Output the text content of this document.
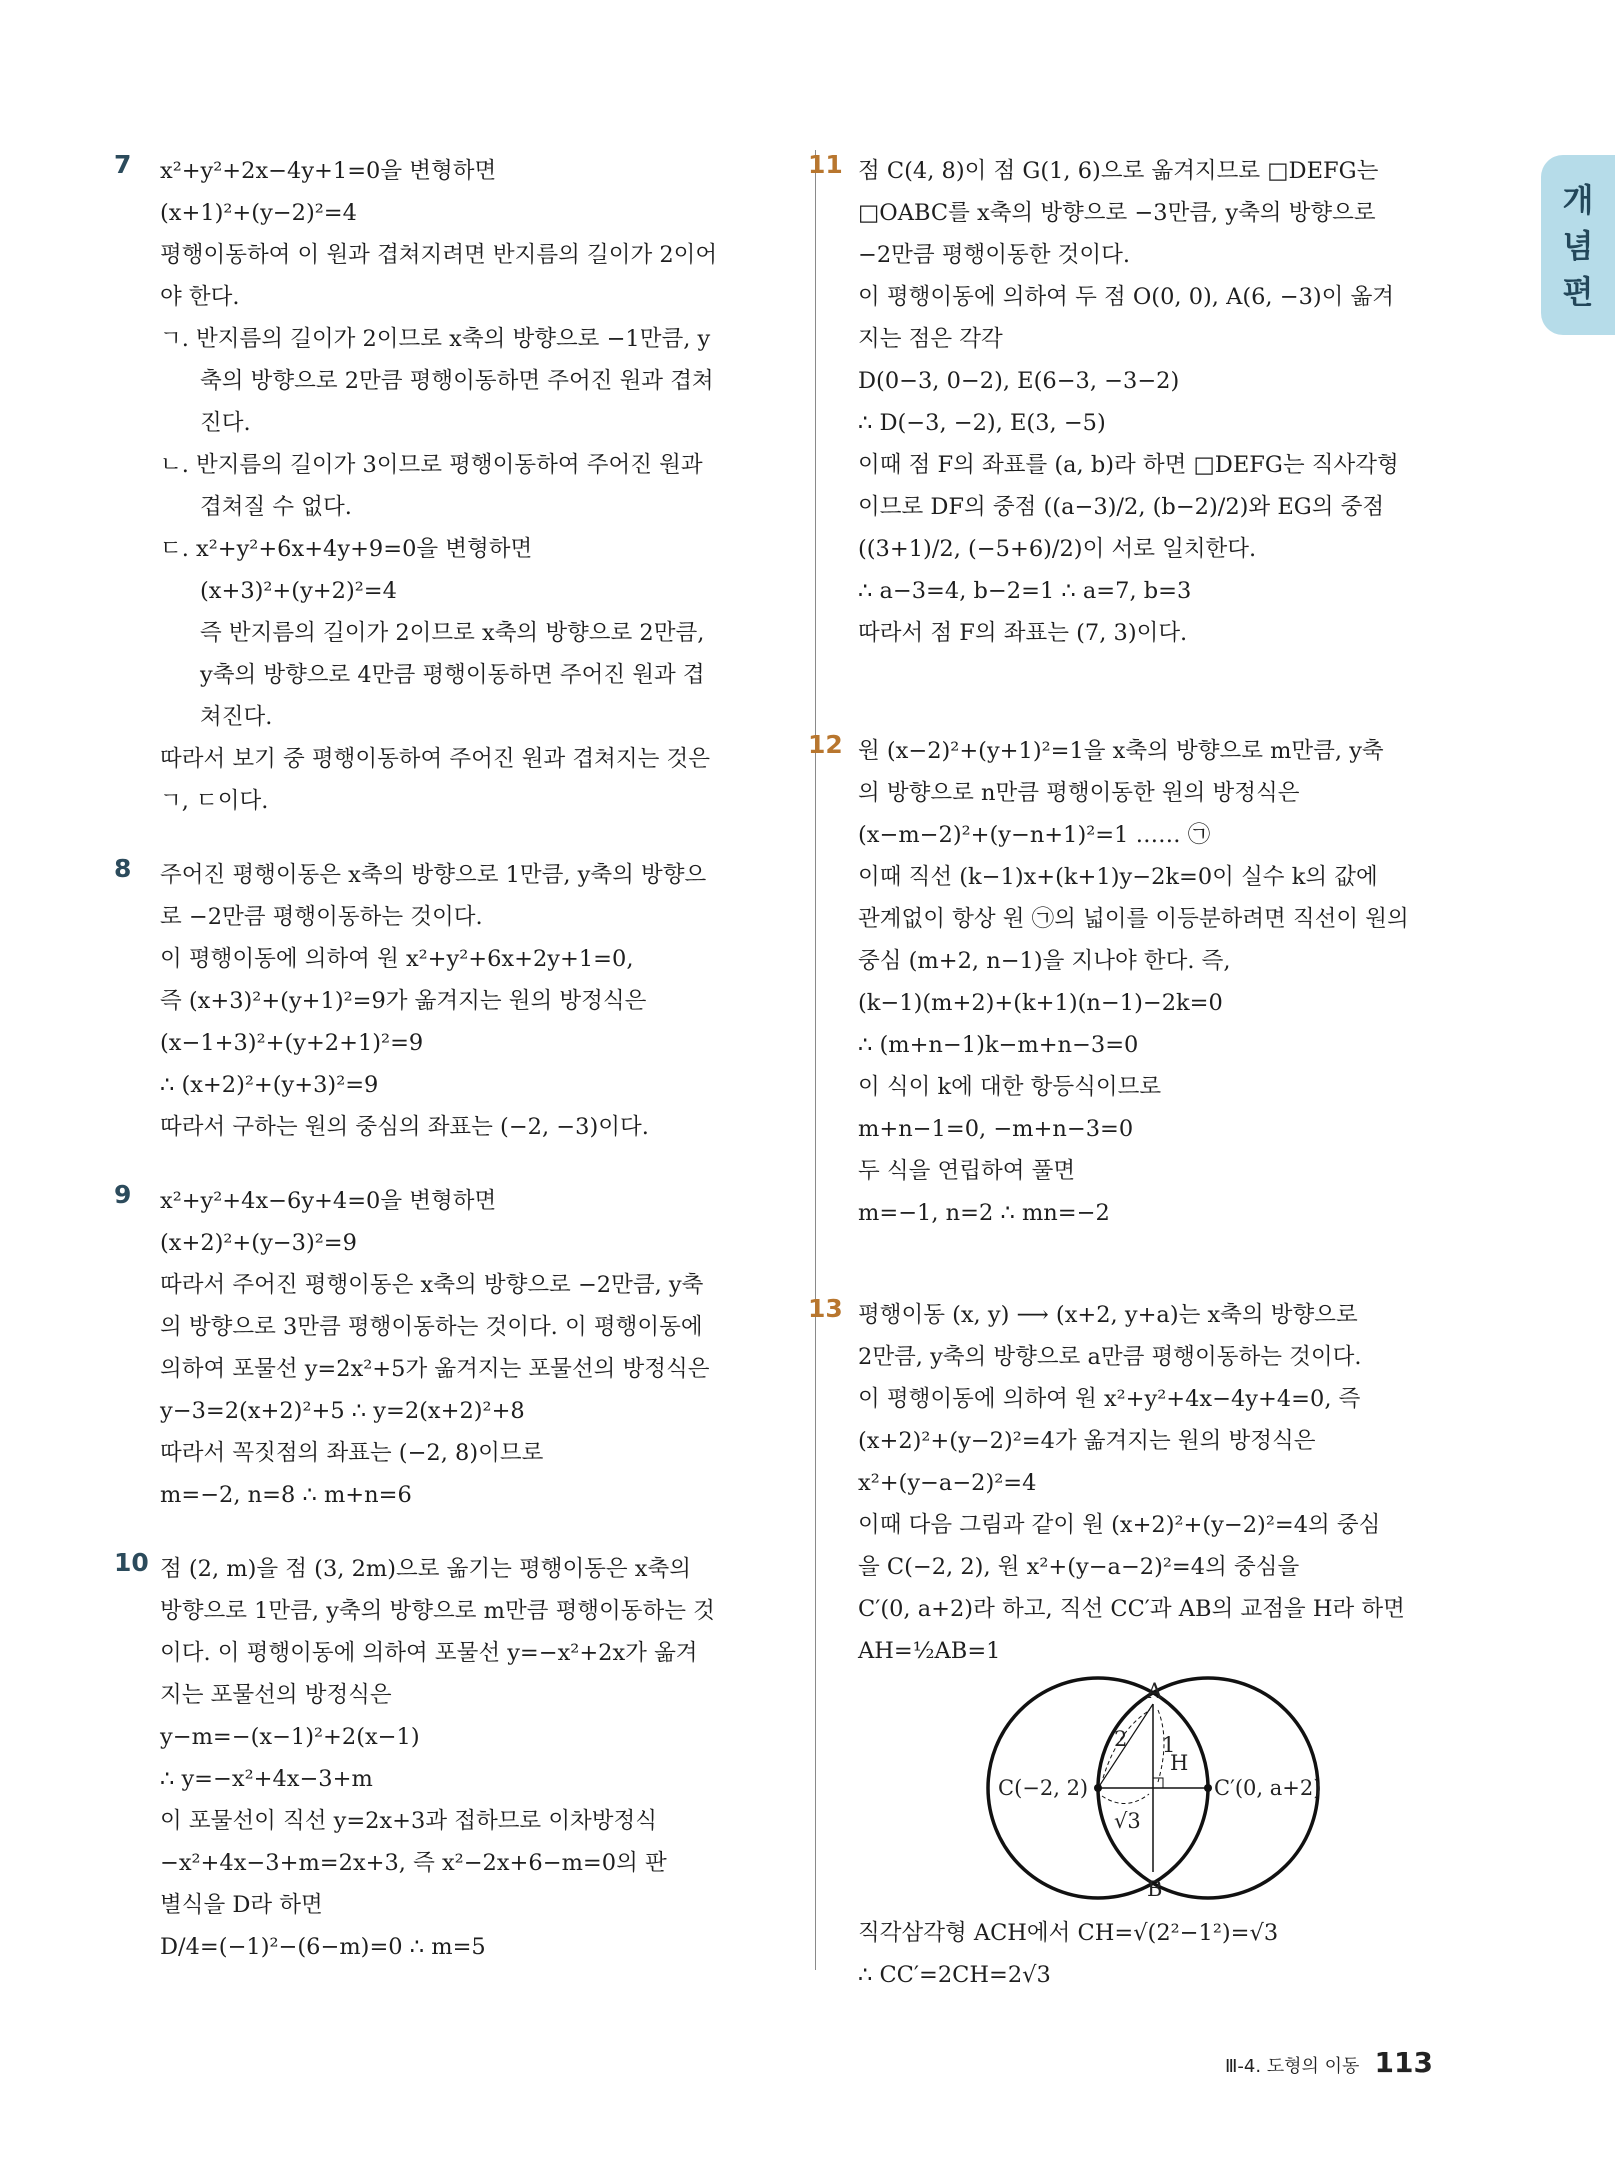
개
념
편
7 x²+y²+2x−4y+1=0을 변형하면
(x+1)²+(y−2)²=4
평행이동하여 이 원과 겹쳐지려면 반지름의 길이가 2이어
야 한다.
ㄱ. 반지름의 길이가 2이므로 x축의 방향으로 −1만큼, y
축의 방향으로 2만큼 평행이동하면 주어진 원과 겹쳐
진다.
ㄴ. 반지름의 길이가 3이므로 평행이동하여 주어진 원과
겹쳐질 수 없다.
ㄷ. x²+y²+6x+4y+9=0을 변형하면
(x+3)²+(y+2)²=4
즉 반지름의 길이가 2이므로 x축의 방향으로 2만큼,
y축의 방향으로 4만큼 평행이동하면 주어진 원과 겹
쳐진다.
따라서 보기 중 평행이동하여 주어진 원과 겹쳐지는 것은
ㄱ, ㄷ이다.
8 주어진 평행이동은 x축의 방향으로 1만큼, y축의 방향으
로 −2만큼 평행이동하는 것이다.
이 평행이동에 의하여 원 x²+y²+6x+2y+1=0,
즉 (x+3)²+(y+1)²=9가 옮겨지는 원의 방정식은
(x−1+3)²+(y+2+1)²=9
∴ (x+2)²+(y+3)²=9
따라서 구하는 원의 중심의 좌표는 (−2, −3)이다.
9 x²+y²+4x−6y+4=0을 변형하면
(x+2)²+(y−3)²=9
따라서 주어진 평행이동은 x축의 방향으로 −2만큼, y축
의 방향으로 3만큼 평행이동하는 것이다. 이 평행이동에
의하여 포물선 y=2x²+5가 옮겨지는 포물선의 방정식은
y−3=2(x+2)²+5 ∴ y=2(x+2)²+8
따라서 꼭짓점의 좌표는 (−2, 8)이므로
m=−2, n=8 ∴ m+n=6
10 점 (2, m)을 점 (3, 2m)으로 옮기는 평행이동은 x축의
방향으로 1만큼, y축의 방향으로 m만큼 평행이동하는 것
이다. 이 평행이동에 의하여 포물선 y=−x²+2x가 옮겨
지는 포물선의 방정식은
y−m=−(x−1)²+2(x−1)
∴ y=−x²+4x−3+m
이 포물선이 직선 y=2x+3과 접하므로 이차방정식
−x²+4x−3+m=2x+3, 즉 x²−2x+6−m=0의 판
별식을 D라 하면
D/4=(−1)²−(6−m)=0 ∴ m=5
11 점 C(4, 8)이 점 G(1, 6)으로 옮겨지므로 □DEFG는
□OABC를 x축의 방향으로 −3만큼, y축의 방향으로
−2만큼 평행이동한 것이다.
이 평행이동에 의하여 두 점 O(0, 0), A(6, −3)이 옮겨
지는 점은 각각
D(0−3, 0−2), E(6−3, −3−2)
∴ D(−3, −2), E(3, −5)
이때 점 F의 좌표를 (a, b)라 하면 □DEFG는 직사각형
이므로 DF의 중점 ((a−3)/2, (b−2)/2)와 EG의 중점
((3+1)/2, (−5+6)/2)이 서로 일치한다.
∴ a−3=4, b−2=1 ∴ a=7, b=3
따라서 점 F의 좌표는 (7, 3)이다.
12 원 (x−2)²+(y+1)²=1을 x축의 방향으로 m만큼, y축
의 방향으로 n만큼 평행이동한 원의 방정식은
(x−m−2)²+(y−n+1)²=1 …… ㉠
이때 직선 (k−1)x+(k+1)y−2k=0이 실수 k의 값에
관계없이 항상 원 ㉠의 넓이를 이등분하려면 직선이 원의
중심 (m+2, n−1)을 지나야 한다. 즉,
(k−1)(m+2)+(k+1)(n−1)−2k=0
∴ (m+n−1)k−m+n−3=0
이 식이 k에 대한 항등식이므로
m+n−1=0, −m+n−3=0
두 식을 연립하여 풀면
m=−1, n=2 ∴ mn=−2
13 평행이동 (x, y) ⟶ (x+2, y+a)는 x축의 방향으로
2만큼, y축의 방향으로 a만큼 평행이동하는 것이다.
이 평행이동에 의하여 원 x²+y²+4x−4y+4=0, 즉
(x+2)²+(y−2)²=4가 옮겨지는 원의 방정식은
x²+(y−a−2)²=4
이때 다음 그림과 같이 원 (x+2)²+(y−2)²=4의 중심
을 C(−2, 2), 원 x²+(y−a−2)²=4의 중심을
C′(0, a+2)라 하고, 직선 CC′과 AB의 교점을 H라 하면
AH=½AB=1
A
B
H
C(−2, 2)	C′(0, a+2)
2 1
√3
직각삼각형 ACH에서 CH=√(2²−1²)=√3
∴ CC′=2CH=2√3
Ⅲ-4. 도형의 이동 113
